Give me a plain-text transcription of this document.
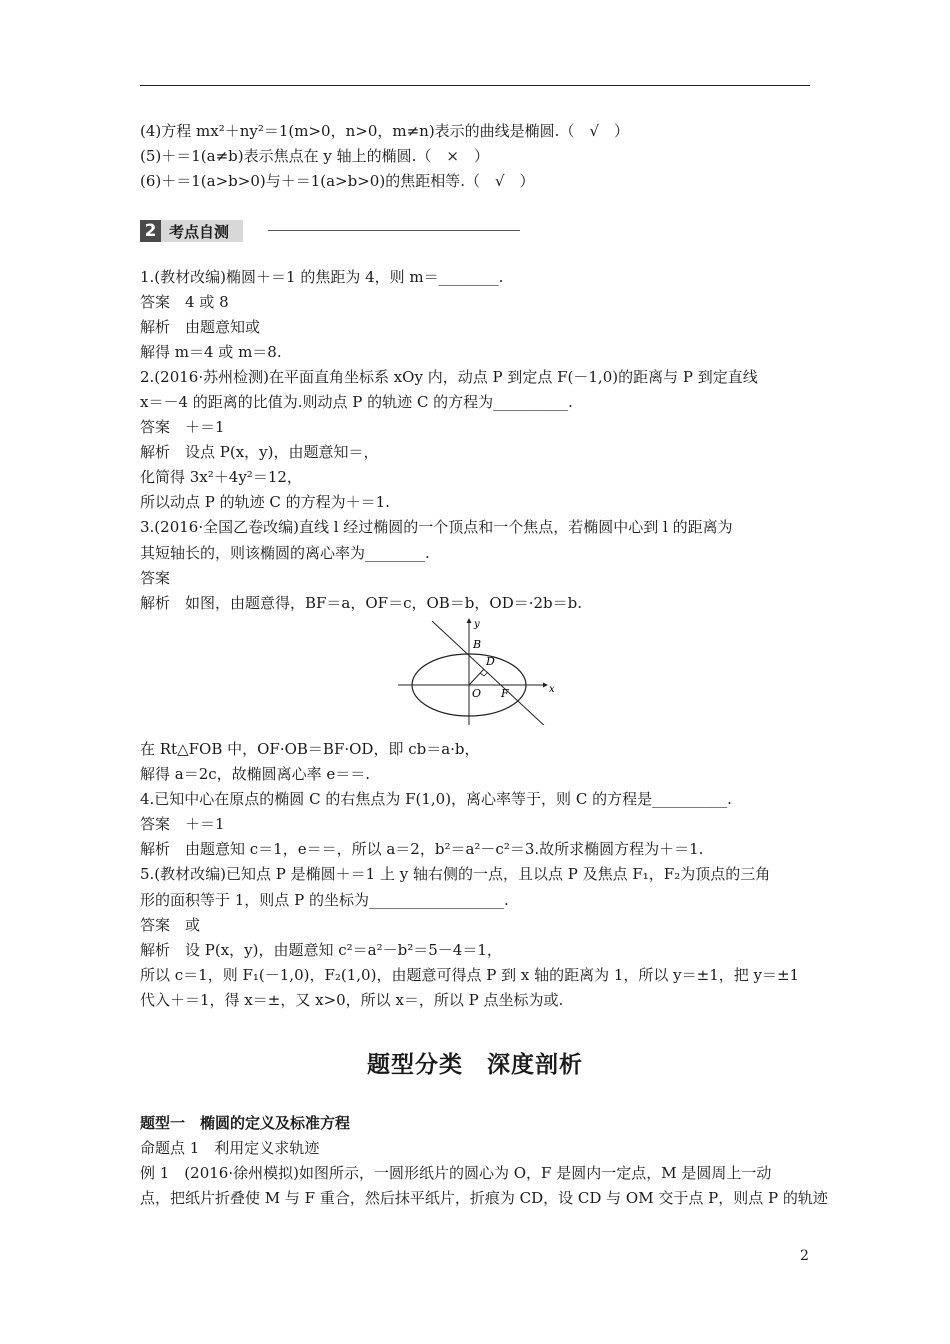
(4)方程 mx²＋ny²＝1(m>0，n>0，m≠n)表示的曲线是椭圆.（　√　）
(5)＋＝1(a≠b)表示焦点在 y 轴上的椭圆.（　×　）
(6)＋＝1(a>b>0)与＋＝1(a>b>0)的焦距相等.（　√　）
2 考点自测
1.(教材改编)椭圆＋＝1 的焦距为 4，则 m＝________.
答案　4 或 8
解析　由题意知或
解得 m＝4 或 m＝8.
2.(2016·苏州检测)在平面直角坐标系 xOy 内，动点 P 到定点 F(－1,0)的距离与 P 到定直线
x＝－4 的距离的比值为.则动点 P 的轨迹 C 的方程为__________.
答案　＋＝1
解析　设点 P(x，y)，由题意知＝，
化简得 3x²＋4y²＝12，
所以动点 P 的轨迹 C 的方程为＋＝1.
3.(2016·全国乙卷改编)直线 l 经过椭圆的一个顶点和一个焦点，若椭圆中心到 l 的距离为
其短轴长的，则该椭圆的离心率为________.
答案
解析　如图，由题意得，BF＝a，OF＝c，OB＝b，OD＝·2b＝b.
y
x
B
D
O F
在 Rt△FOB 中，OF·OB＝BF·OD，即 cb＝a·b，
解得 a＝2c，故椭圆离心率 e＝＝.
4.已知中心在原点的椭圆 C 的右焦点为 F(1,0)，离心率等于，则 C 的方程是__________.
答案　＋＝1
解析　由题意知 c＝1，e＝＝，所以 a＝2，b²＝a²－c²＝3.故所求椭圆方程为＋＝1.
5.(教材改编)已知点 P 是椭圆＋＝1 上 y 轴右侧的一点，且以点 P 及焦点 F₁，F₂为顶点的三角
形的面积等于 1，则点 P 的坐标为__________________.
答案　或
解析　设 P(x，y)，由题意知 c²＝a²－b²＝5－4＝1，
所以 c＝1，则 F₁(－1,0)，F₂(1,0)，由题意可得点 P 到 x 轴的距离为 1，所以 y＝±1，把 y＝±1
代入＋＝1，得 x＝±，又 x>0，所以 x＝，所以 P 点坐标为或.
题型分类　深度剖析
题型一　椭圆的定义及标准方程
命题点 1　利用定义求轨迹
例 1　(2016·徐州模拟)如图所示，一圆形纸片的圆心为 O，F 是圆内一定点，M 是圆周上一动
点，把纸片折叠使 M 与 F 重合，然后抹平纸片，折痕为 CD，设 CD 与 OM 交于点 P，则点 P 的轨迹
2
